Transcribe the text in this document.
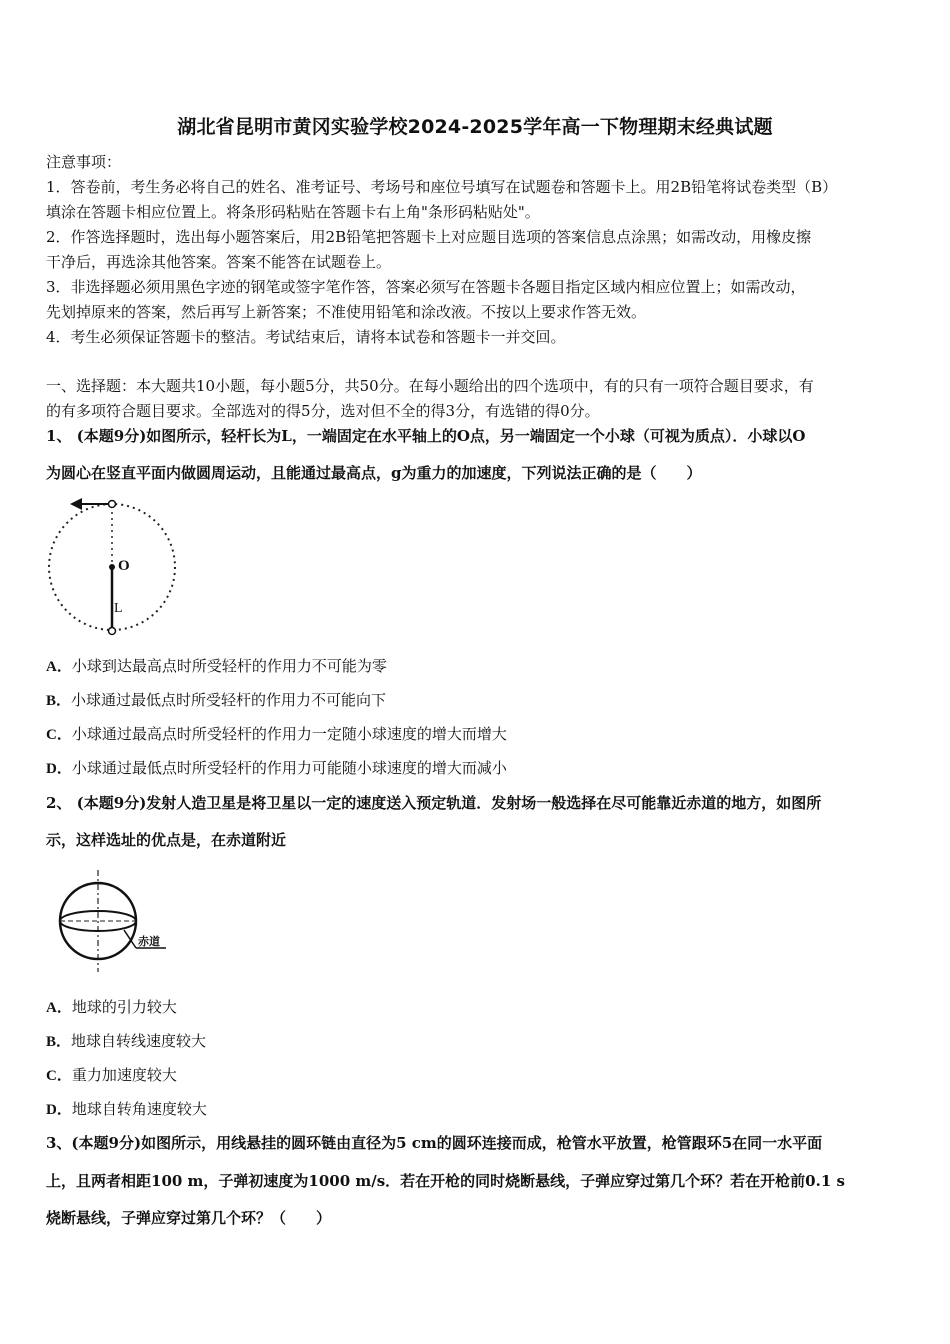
湖北省昆明市黄冈实验学校2024-2025学年高一下物理期末经典试题
注意事项：
1．答卷前，考生务必将自己的姓名、准考证号、考场号和座位号填写在试题卷和答题卡上。用2B铅笔将试卷类型（B）
填涂在答题卡相应位置上。将条形码粘贴在答题卡右上角"条形码粘贴处"。
2．作答选择题时，选出每小题答案后，用2B铅笔把答题卡上对应题目选项的答案信息点涂黑；如需改动，用橡皮擦
干净后，再选涂其他答案。答案不能答在试题卷上。
3．非选择题必须用黑色字迹的钢笔或签字笔作答，答案必须写在答题卡各题目指定区域内相应位置上；如需改动，
先划掉原来的答案，然后再写上新答案；不准使用铅笔和涂改液。不按以上要求作答无效。
4．考生必须保证答题卡的整洁。考试结束后，请将本试卷和答题卡一并交回。
一、选择题：本大题共10小题，每小题5分，共50分。在每小题给出的四个选项中，有的只有一项符合题目要求，有
的有多项符合题目要求。全部选对的得5分，选对但不全的得3分，有选错的得0分。
1、 (本题9分)如图所示，轻杆长为L，一端固定在水平轴上的O点，另一端固定一个小球（可视为质点）．小球以O
为圆心在竖直平面内做圆周运动，且能通过最高点，g为重力的加速度，下列说法正确的是（　　）
O
L
A．小球到达最高点时所受轻杆的作用力不可能为零
B．小球通过最低点时所受轻杆的作用力不可能向下
C．小球通过最高点时所受轻杆的作用力一定随小球速度的增大而增大
D．小球通过最低点时所受轻杆的作用力可能随小球速度的增大而减小
2、 (本题9分)发射人造卫星是将卫星以一定的速度送入预定轨道．发射场一般选择在尽可能靠近赤道的地方，如图所
示，这样选址的优点是，在赤道附近
赤道
A．地球的引力较大
B．地球自转线速度较大
C．重力加速度较大
D．地球自转角速度较大
3、(本题9分)如图所示，用线悬挂的圆环链由直径为5 cm的圆环连接而成，枪管水平放置，枪管跟环5在同一水平面
上，且两者相距100 m，子弹初速度为1000 m/s．若在开枪的同时烧断悬线，子弹应穿过第几个环？若在开枪前0.1 s
烧断悬线，子弹应穿过第几个环？（　　）
